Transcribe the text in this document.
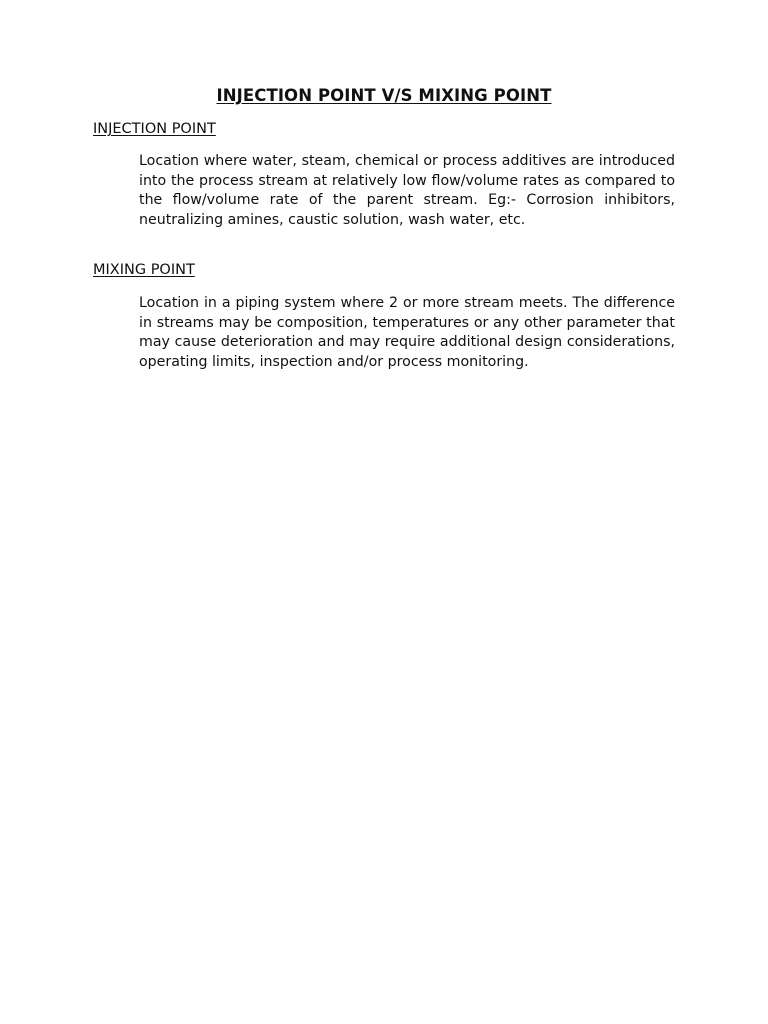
INJECTION POINT V/S MIXING POINT
INJECTION POINT

Location where water, steam, chemical or process additives are introduced into the process stream at relatively low flow/volume rates as compared to the flow/volume rate of the parent stream. Eg:- Corrosion inhibitors, neutralizing amines, caustic solution, wash water, etc.

MIXING POINT

Location in a piping system where 2 or more stream meets. The difference in streams may be composition, temperatures or any other parameter that may cause deterioration and may require additional design considerations, operating limits, inspection and/or process monitoring.
